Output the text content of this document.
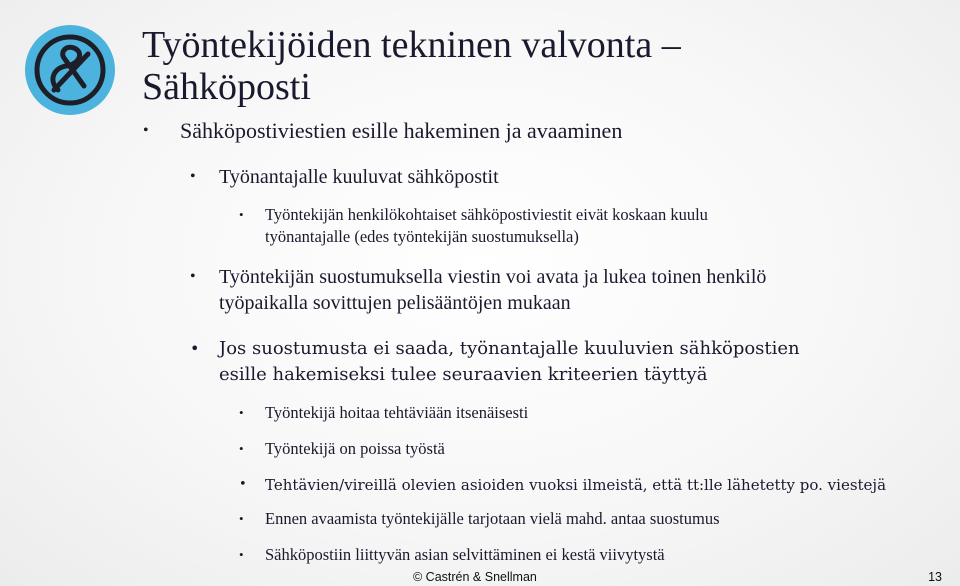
Työntekijöiden tekninen valvonta –
Sähköposti
• Sähköpostiviestien esille hakeminen ja avaaminen
• Työnantajalle kuuluvat sähköpostit
• Työntekijän henkilökohtaiset sähköpostiviestit eivät koskaan kuulu
työnantajalle (edes työntekijän suostumuksella)
• Työntekijän suostumuksella viestin voi avata ja lukea toinen henkilö
työpaikalla sovittujen pelisääntöjen mukaan
• Jos suostumusta ei saada, työnantajalle kuuluvien sähköpostien
esille hakemiseksi tulee seuraavien kriteerien täyttyä
• Työntekijä hoitaa tehtäviään itsenäisesti
• Työntekijä on poissa työstä
• Tehtävien/vireillä olevien asioiden vuoksi ilmeistä, että tt:lle lähetetty po. viestejä
• Ennen avaamista työntekijälle tarjotaan vielä mahd. antaa suostumus
• Sähköpostiin liittyvän asian selvittäminen ei kestä viivytystä
© Castrén & Snellman	13
